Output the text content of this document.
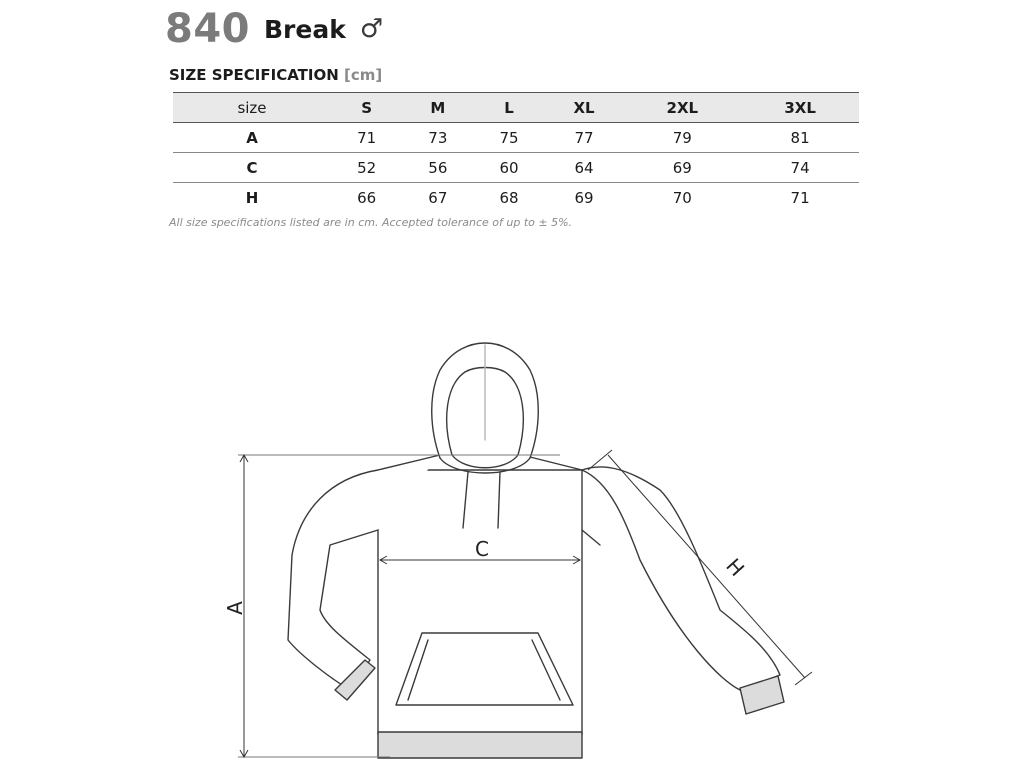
840 Break ♂
SIZE SPECIFICATION [cm]
size	S	M	L	XL	2XL	3XL
A	71	73	75	77	79	81
C	52	56	60	64	69	74
H	66	67	68	69	70	71
All size specifications listed are in cm. Accepted tolerance of up to ± 5%.
A
C
H
